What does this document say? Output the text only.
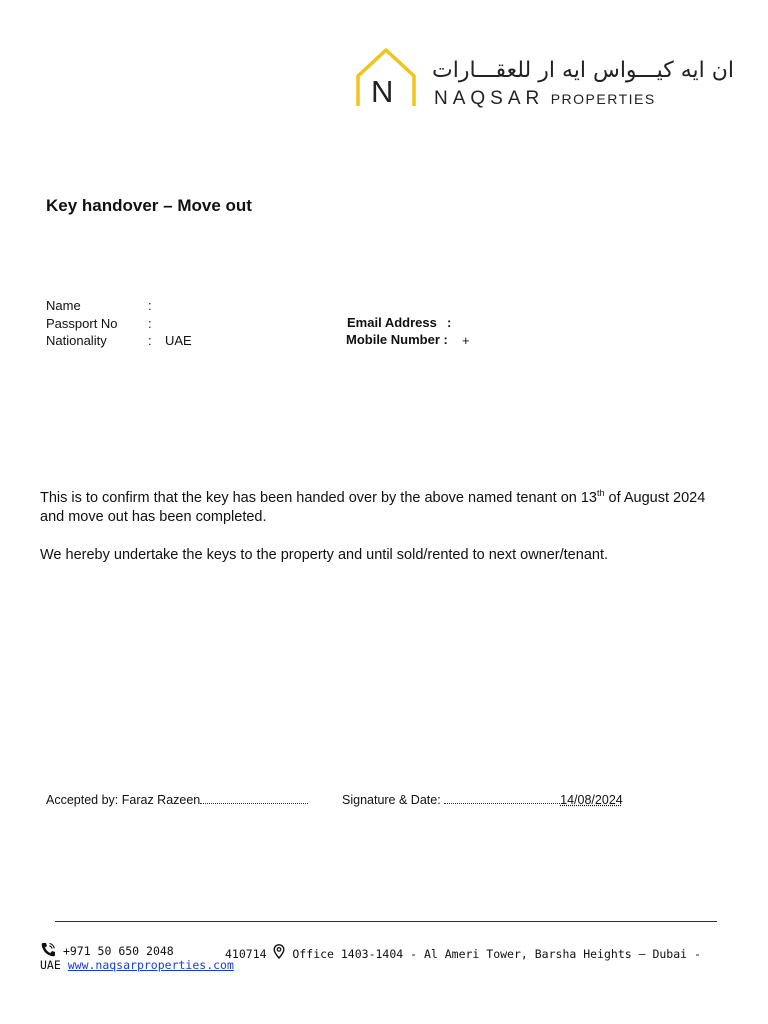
N
ان ايه كيـــواس ايه ار للعقـــارات
NAQSAR PROPERTIES
Key handover – Move out
Name	:
Passport No :
Nationality	: UAE
Email Address :
Mobile Number : +
This is to confirm that the key has been handed over by the above named tenant on 13th of August 2024 and move out has been completed.
We hereby undertake the keys to the property and until sold/rented to next owner/tenant.
Accepted by: Faraz Razeen	Signature & Date:	14/08/2024
+971 50 650 2048	410714 Office 1403-1404 - Al Ameri Tower, Barsha Heights – Dubai -
UAE www.naqsarproperties.com
